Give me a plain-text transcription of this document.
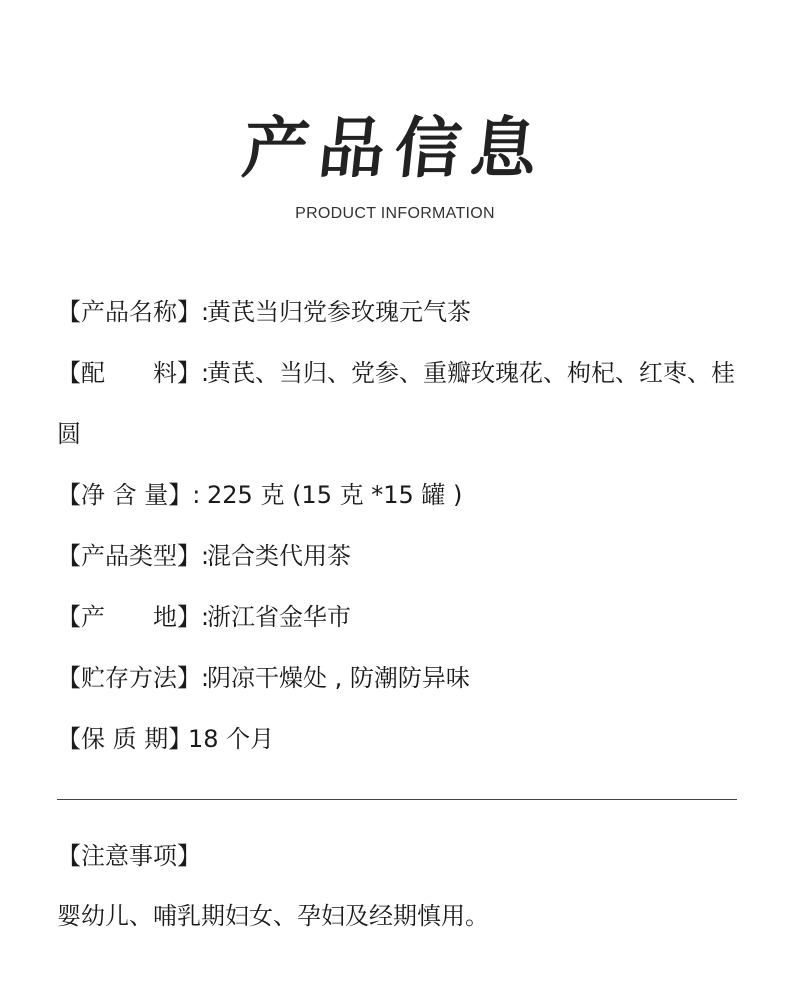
产品信息
PRODUCT INFORMATION
【产品名称】:黄芪当归党参玫瑰元气茶
【配 料】:黄芪、当归、党参、重瓣玫瑰花、枸杞、红枣、桂
圆
【净 含 量】: 225 克 (15 克 *15 罐 )
【产品类型】:混合类代用茶
【产 地】:浙江省金华市
【贮存方法】:阴凉干燥处 , 防潮防异味
【保 质 期】18 个月
【注意事项】
婴幼儿、哺乳期妇女、孕妇及经期慎用。
